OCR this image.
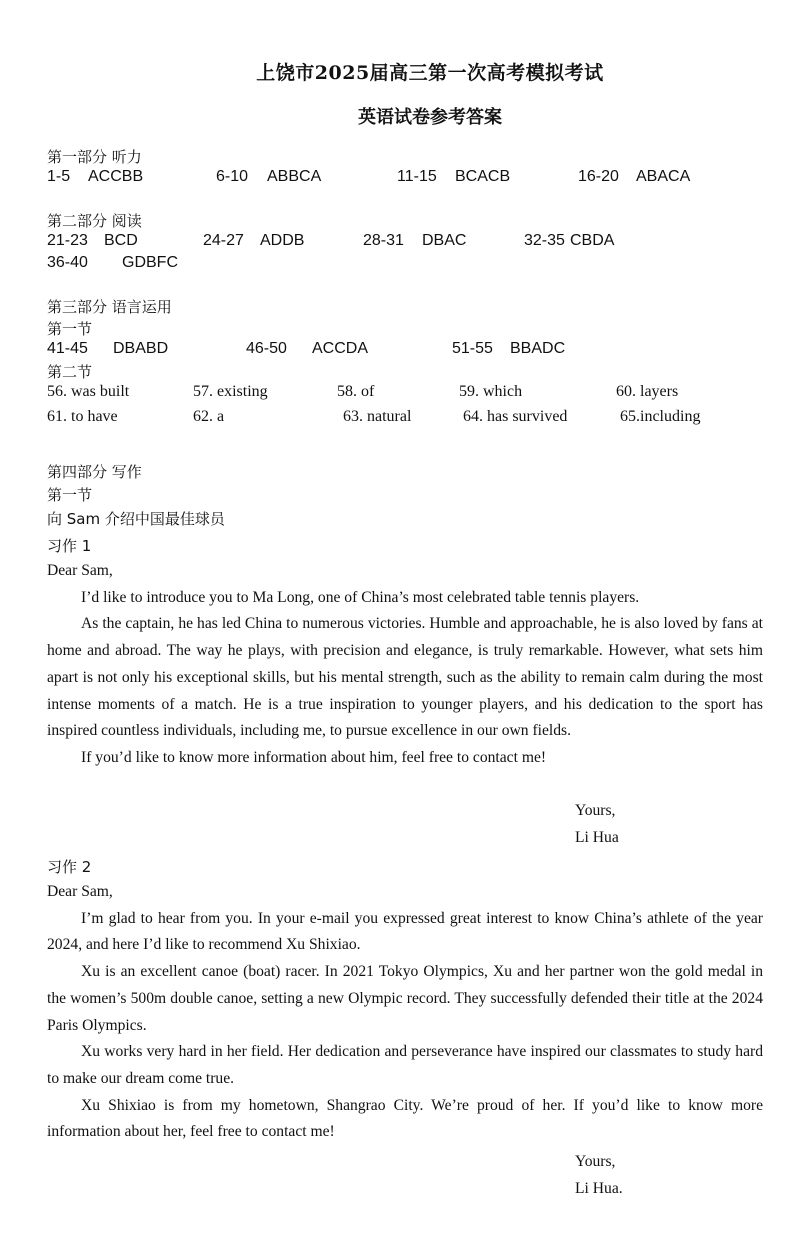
上饶市2025届高三第一次高考模拟考试
英语试卷参考答案
第一部分 听力
1-5 ACCBB	6-10 ABBCA	11-15 BCACB	16-20 ABACA
第二部分 阅读
21-23 BCD	24-27 ADDB	28-31 DBAC	32-35 CBDA
36-40 GDBFC
第三部分 语言运用
第一节
41-45 DBABD	46-50 ACCDA	51-55 BBADC
第二节
56. was built	57. existing	58. of	59. which	60. layers
61. to have	62. a	63. natural	64. has survived	65.including
第四部分 写作
第一节
向 Sam 介绍中国最佳球员
习作 1

Dear Sam,

I’d like to introduce you to Ma Long, one of China’s most celebrated table tennis players.

As the captain, he has led China to numerous victories. Humble and approachable, he is also loved by fans at home and abroad. The way he plays, with precision and elegance, is truly remarkable. However, what sets him apart is not only his exceptional skills, but his mental strength, such as the ability to remain calm during the most intense moments of a match. He is a true inspiration to younger players, and his dedication to the sport has inspired countless individuals, including me, to pursue excellence in our own fields.

If you’d like to know more information about him, feel free to contact me!

Yours,
Li Hua
习作 2

Dear Sam,

I’m glad to hear from you. In your e-mail you expressed great interest to know China’s athlete of the year 2024, and here I’d like to recommend Xu Shixiao.

Xu is an excellent canoe (boat) racer. In 2021 Tokyo Olympics, Xu and her partner won the gold medal in the women’s 500m double canoe, setting a new Olympic record. They successfully defended their title at the 2024 Paris Olympics.

Xu works very hard in her field. Her dedication and perseverance have inspired our classmates to study hard to make our dream come true.

Xu Shixiao is from my hometown, Shangrao City. We’re proud of her. If you’d like to know more information about her, feel free to contact me!

Yours,
Li Hua.
